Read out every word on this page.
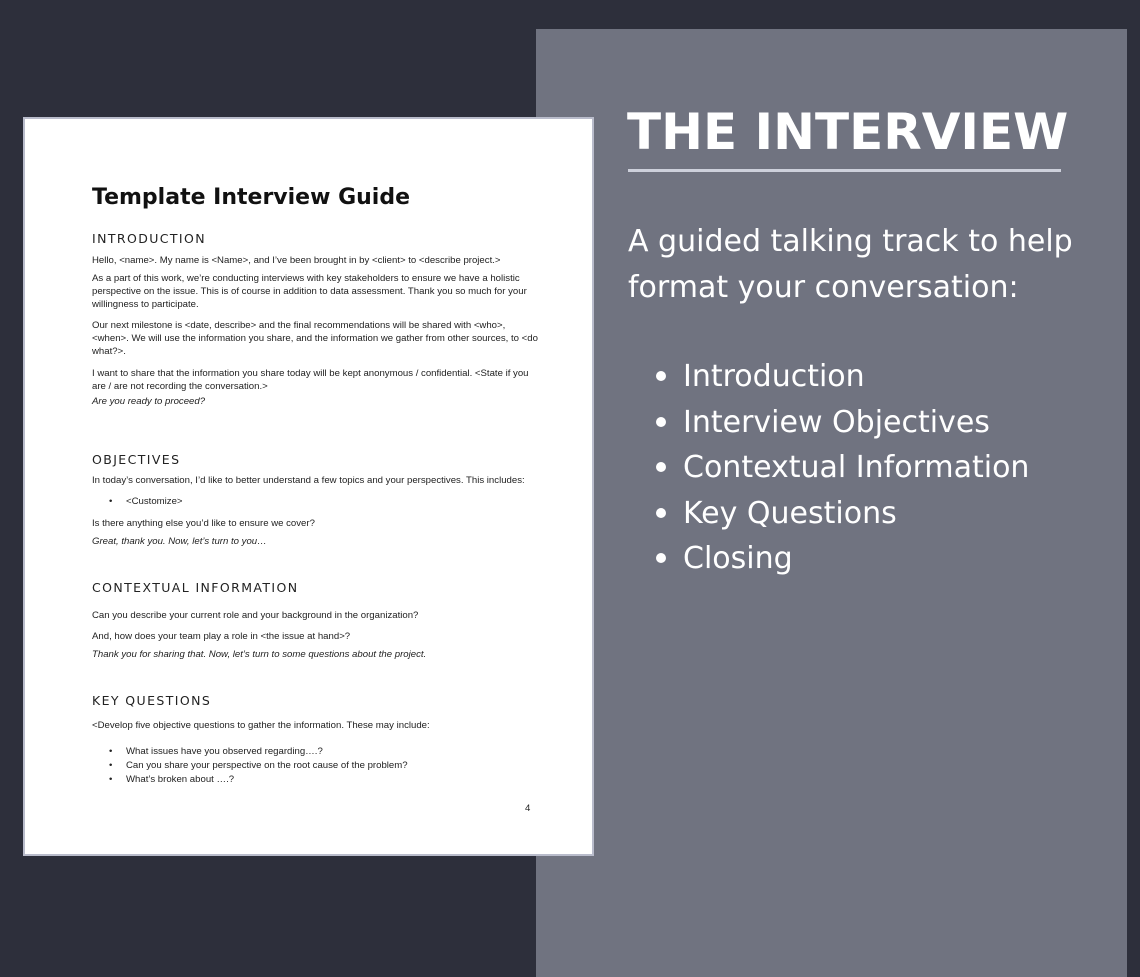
THE INTERVIEW
A guided talking track to help format your conversation:
Introduction
Interview Objectives
Contextual Information
Key Questions
Closing
Template Interview Guide
INTRODUCTION
Hello, <name>. My name is <Name>, and I’ve been brought in by <client> to <describe project.>
As a part of this work, we’re conducting interviews with key stakeholders to ensure we have a holistic perspective on the issue. This is of course in addition to data assessment. Thank you so much for your willingness to participate.
Our next milestone is <date, describe> and the final recommendations will be shared with <who>, <when>. We will use the information you share, and the information we gather from other sources, to <do what?>.
I want to share that the information you share today will be kept anonymous / confidential. <State if you are / are not recording the conversation.>
Are you ready to proceed?
OBJECTIVES
In today’s conversation, I’d like to better understand a few topics and your perspectives. This includes:
• <Customize>
Is there anything else you’d like to ensure we cover?
Great, thank you. Now, let’s turn to you…
CONTEXTUAL INFORMATION
Can you describe your current role and your background in the organization?
And, how does your team play a role in <the issue at hand>?
Thank you for sharing that. Now, let’s turn to some questions about the project.
KEY QUESTIONS
<Develop five objective questions to gather the information. These may include:
• What issues have you observed regarding….?
• Can you share your perspective on the root cause of the problem?
• What’s broken about ….?
4
